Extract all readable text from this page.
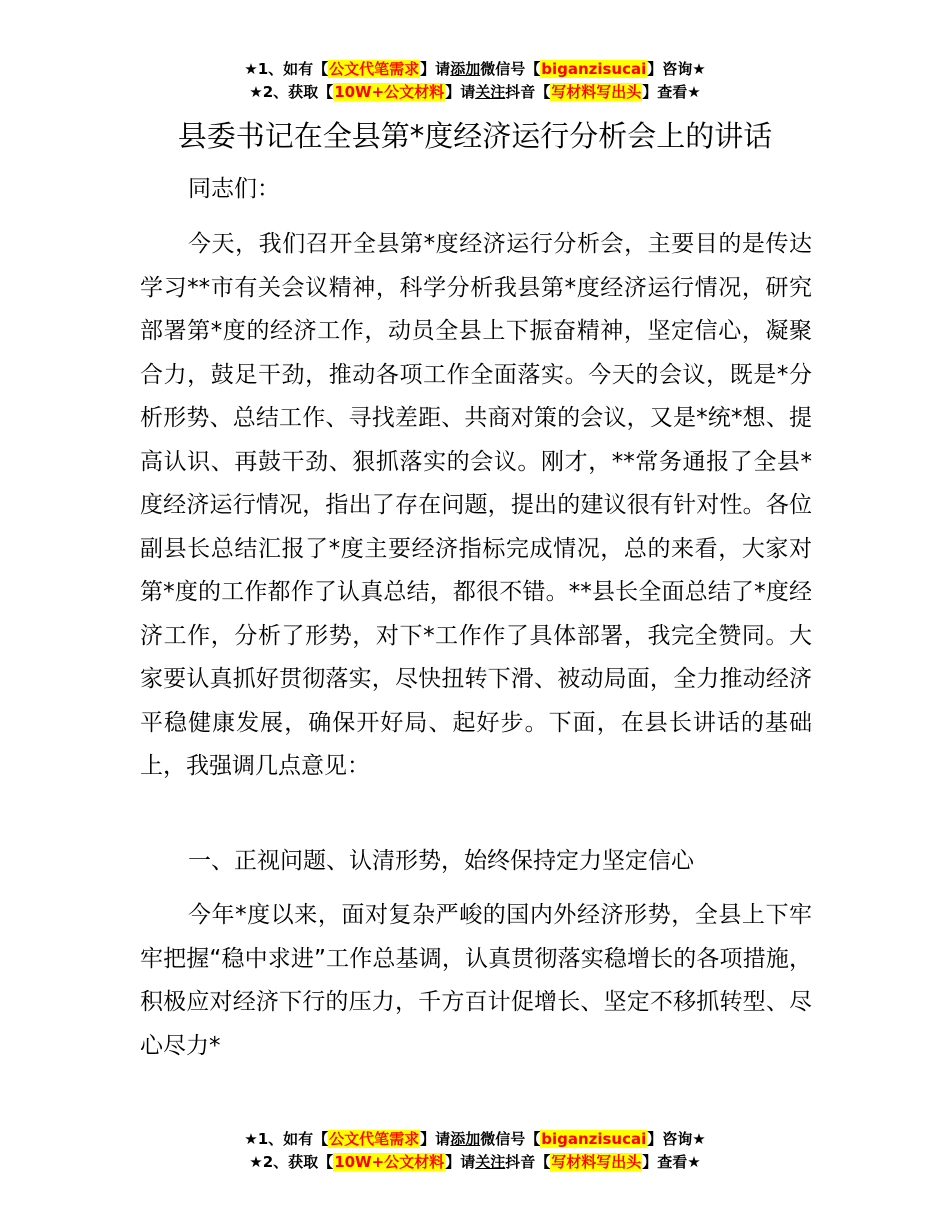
★1、如有【公文代笔需求】请添加微信号【biganzisucai】咨询★
★2、获取【10W+公文材料】请关注抖音【写材料写出头】查看★
县委书记在全县第*度经济运行分析会上的讲话
同志们：
今天，我们召开全县第*度经济运行分析会，主要目的是传达学习**市有关会议精神，科学分析我县第*度经济运行情况，研究部署第*度的经济工作，动员全县上下振奋精神，坚定信心，凝聚合力，鼓足干劲，推动各项工作全面落实。今天的会议，既是*分析形势、总结工作、寻找差距、共商对策的会议，又是*统*想、提高认识、再鼓干劲、狠抓落实的会议。刚才，**常务通报了全县*度经济运行情况，指出了存在问题，提出的建议很有针对性。各位副县长总结汇报了*度主要经济指标完成情况，总的来看，大家对第*度的工作都作了认真总结，都很不错。**县长全面总结了*度经济工作，分析了形势，对下*工作作了具体部署，我完全赞同。大家要认真抓好贯彻落实，尽快扭转下滑、被动局面，全力推动经济平稳健康发展，确保开好局、起好步。下面，在县长讲话的基础上，我强调几点意见：
一、正视问题、认清形势，始终保持定力坚定信心
今年*度以来，面对复杂严峻的国内外经济形势，全县上下牢牢把握“稳中求进”工作总基调，认真贯彻落实稳增长的各项措施，积极应对经济下行的压力，千方百计促增长、坚定不移抓转型、尽心尽力*
★1、如有【公文代笔需求】请添加微信号【biganzisucai】咨询★
★2、获取【10W+公文材料】请关注抖音【写材料写出头】查看★
